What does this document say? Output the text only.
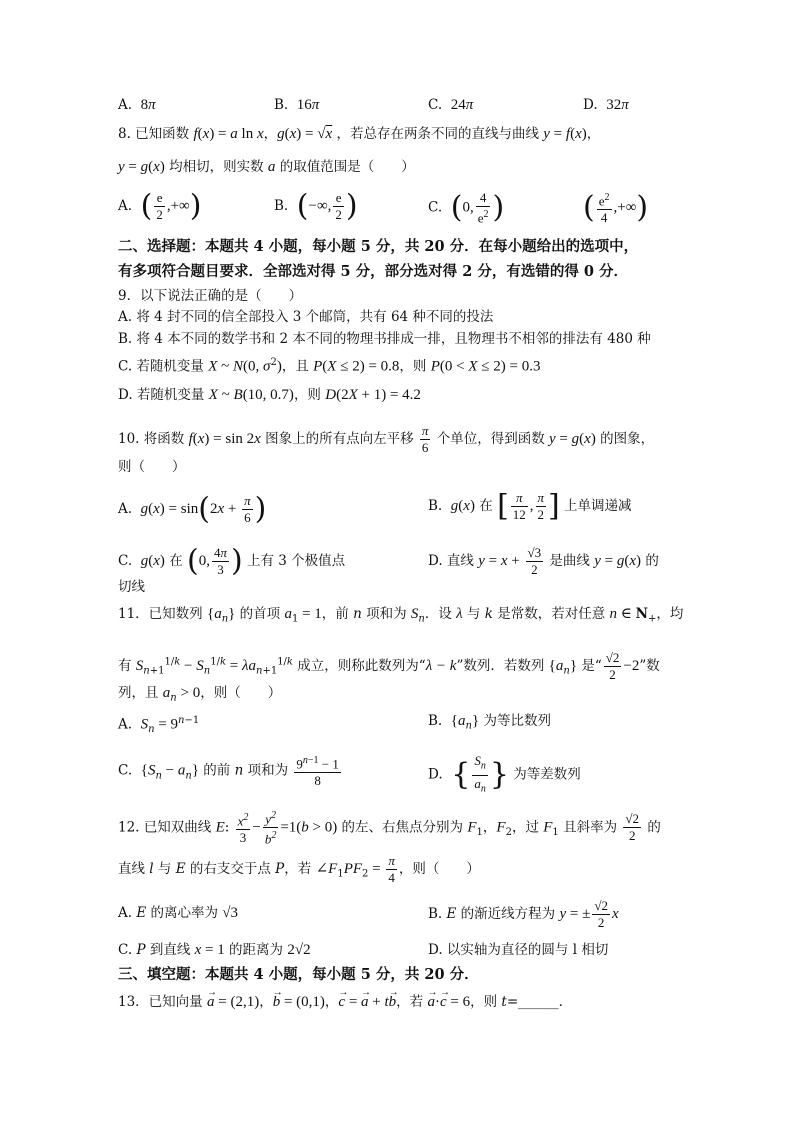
A.  8π	B.  16π	C.  24π	D.  32π
8. 已知函数 f(x) = a ln x，g(x) = √x ，若总存在两条不同的直线与曲线 y = f(x)，
y = g(x) 均相切，则实数 a 的取值范围是（　　）
A.  ( $\frac{e}{2}$ ,+∞)	B.  (−∞, $\frac{e}{2}$ )	C.  (0, $\frac{4}{e^2}$ )	( $\frac{e^2}{4}$ ,+∞)
二、选择题：本题共 4 小题，每小题 5 分，共 20 分．在每小题给出的选项中，
有多项符合题目要求．全部选对得 5 分，部分选对得 2 分，有选错的得 0 分．
9．以下说法正确的是（　　）
A. 将 4 封不同的信全部投入 3 个邮筒，共有 64 种不同的投法
B. 将 4 本不同的数学书和 2 本不同的物理书排成一排，且物理书不相邻的排法有 480 种
C. 若随机变量 X ~ N(0, $\sigma^2$)，且 P(X ≤ 2) = 0.8，则 P(0 < X ≤ 2) = 0.3
D. 若随机变量 X ~ B(10, 0.7)，则 D(2X + 1) = 4.2
10. 将函数 f(x) = sin 2x 图象上的所有点向左平移 $\frac{\pi}{6}$ 个单位，得到函数 y = g(x) 的图象，
则（　　）
A.  $g(x) = \sin(2x + \frac{\pi}{6}$ )	B.  g(x) 在 [ $\frac{\pi}{12}$ , $\frac{\pi}{2}$ ] 上单调递减
C.  g(x) 在 (0, $\frac{4\pi}{3}$ ) 上有 3 个极值点	D. 直线 $y = x + \frac{√3}{2}$ 是曲线 y = g(x) 的
切线
11．已知数列 $\{a_n\}$ 的首项 $a_1 = 1$，前 n 项和为 $S_n$．设 λ 与 k 是常数，若对任意 n ∈ $N_+$，均
有 $S_{n+1}^{1/k} - S_n^{1/k} = \lambda a_{n+1}^{1/k}$ 成立，则称此数列为“λ − k”数列．若数列 $\{a_n\}$ 是“ $\frac{√2}{2} -2$”数
列，且 $a_n > 0$，则（　　）
A.  $S_n = 9^{n-1}$	B.  $\{a_n\}$ 为等比数列
C.  $\{S_n - a_n\}$ 的前 n 项和为 $\frac{9^{n-1} - 1}{8}$	D.  { $\frac{S_n}{a_n}$ } 为等差数列
12. 已知双曲线 E: $\frac{x^2}{3} - \frac{y^2}{b^2} =1(b > 0)$ 的左、右焦点分别为 $F_1$，$F_2$，过 $F_1$ 且斜率为 $\frac{√2}{2}$ 的
直线 l 与 E 的右支交于点 P，若 $\angle F_1PF_2 = \frac{\pi}{4}$ ，则（　　）
A. E 的离心率为 √3	B. E 的渐近线方程为 y = ± $\frac{√2}{2}$ x
C. P 到直线 x = 1 的距离为 2√2	D. 以实轴为直径的圆与 l 相切
三、填空题：本题共 4 小题，每小题 5 分，共 20 分．
13．已知向量 a
→
= (2,1)，b
→
= (0,1)，c
→
= a
→
+ tb
→
，若 a
→
·c
→
= 6，则 t=______．
